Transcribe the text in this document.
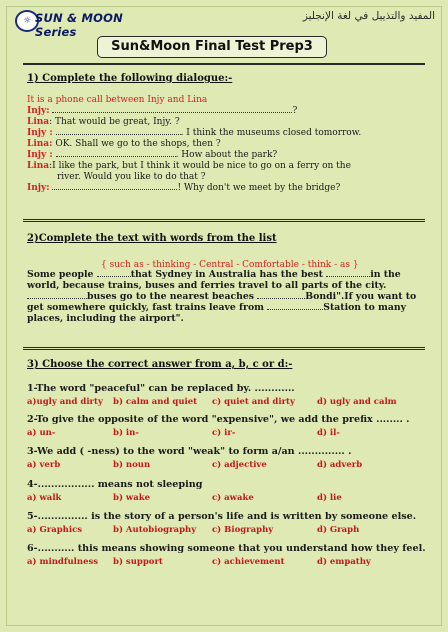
☼ SUN & MOON Series
المفيد والتذييل في لغة الإنجليز
Sun&Moon Final Test Prep3
1) Complete the following dialogue:-
It is a phone call between Injy and Lina
Injy:	?
Lina: That would be great, Injy. ?
Injy :	. I think the museums closed tomorrow.
Lina: OK. Shall we go to the shops, then ?
Injy :	. How about the park?
Lina:I like the park, but I think it would be nice to go on a ferry on the
river. Would you like to do that ?
Injy:	! Why don't we meet by the bridge?
2)Complete the text with words from the list
{ such as - thinking - Central - Comfortable - think - as }
Some people	that Sydney in Australia has the best	in the world, because trains, buses and ferries travel to all parts of the city. buses go to the nearest beaches	Bondi".If you want to get somewhere quickly, fast trains leave from	Station to many places, including the airport".
3) Choose the correct answer from a, b, c or d:-
1-The word "peaceful" can be replaced by. ............
a)ugly and dirty b) calm and quiet c) quiet and dirty	d) ugly and calm
2-To give the opposite of the word "expensive", we add the prefix ........ .
a) un-	b) in-	c) ir-	d) il-
3-We add ( -ness) to the word "weak" to form a/an .............. .
a) verb	b) noun	c) adjective	d) adverb
4-................. means not sleeping
a) walk	b) wake	c) awake	d) lie
5-............... is the story of a person's life and is written by someone else.
a) Graphics	b) Autobiography c) Biography	d) Graph
6-........... this means showing someone that you understand how they feel.
a) mindfulness b) support	c) achievement	d) empathy
